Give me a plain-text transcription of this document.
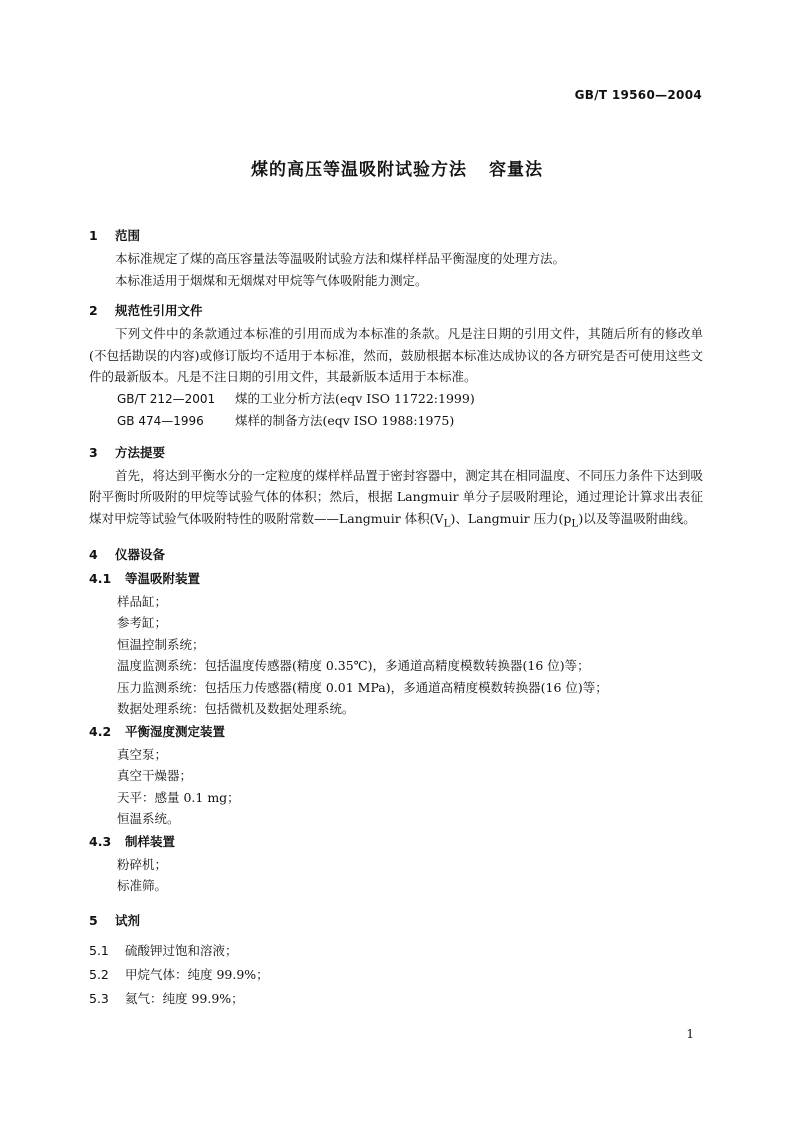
GB/T 19560—2004
煤的高压等温吸附试验方法 容量法
1 范围

本标准规定了煤的高压容量法等温吸附试验方法和煤样样品平衡湿度的处理方法。

本标准适用于烟煤和无烟煤对甲烷等气体吸附能力测定。

2 规范性引用文件

下列文件中的条款通过本标准的引用而成为本标准的条款。凡是注日期的引用文件，其随后所有的修改单(不包括勘误的内容)或修订版均不适用于本标准，然而，鼓励根据本标准达成协议的各方研究是否可使用这些文件的最新版本。凡是不注日期的引用文件，其最新版本适用于本标准。

GB/T 212—2001 煤的工业分析方法(eqv ISO 11722:1999)
GB 474—1996 煤样的制备方法(eqv ISO 1988:1975)
3 方法提要

首先，将达到平衡水分的一定粒度的煤样样品置于密封容器中，测定其在相同温度、不同压力条件下达到吸附平衡时所吸附的甲烷等试验气体的体积；然后，根据 Langmuir 单分子层吸附理论，通过理论计算求出表征煤对甲烷等试验气体吸附特性的吸附常数——Langmuir 体积$(V_L)$、Langmuir 压力$(p_L)$以及等温吸附曲线。

4 仪器设备
4.1 等温吸附装置
样品缸；
参考缸；
恒温控制系统；
温度监测系统：包括温度传感器(精度 0.35℃)，多通道高精度模数转换器(16 位)等；
压力监测系统：包括压力传感器(精度 0.01 MPa)，多通道高精度模数转换器(16 位)等；
数据处理系统：包括微机及数据处理系统。
4.2 平衡湿度测定装置
真空泵；
真空干燥器；
天平：感量 0.1 mg；
恒温系统。
4.3 制样装置
粉碎机；
标准筛。
5 试剂
5.1 硫酸钾过饱和溶液；
5.2 甲烷气体：纯度 99.9%；
5.3 氦气：纯度 99.9%；
1
